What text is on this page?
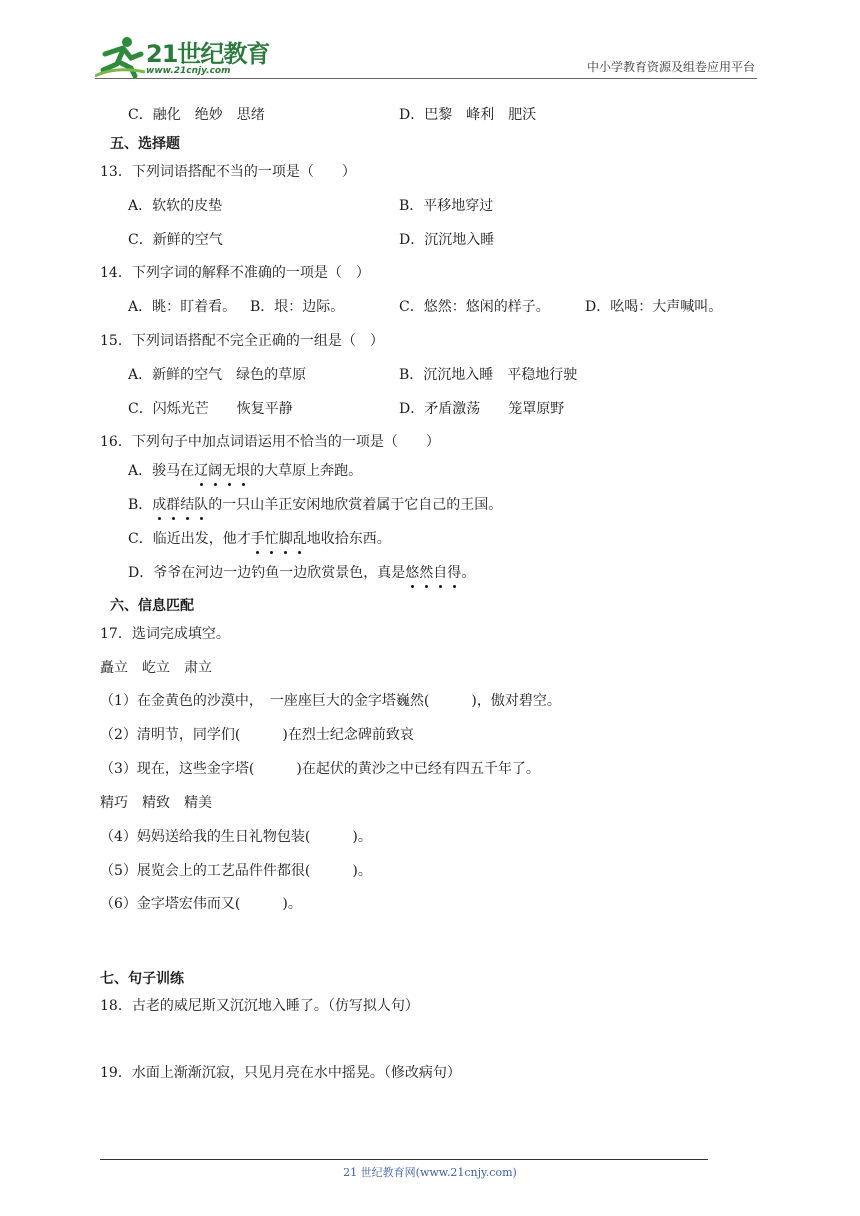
21世纪教育
www.21cnjy.com	中小学教育资源及组卷应用平台
C．融化　绝妙　思绪	D．巴黎　峰利　肥沃
五、选择题
13．下列词语搭配不当的一项是（　　）
A．软软的皮垫	B．平移地穿过
C．新鲜的空气	D．沉沉地入睡
14．下列字词的解释不准确的一项是（　）
A．眺：盯着看。 B．垠：边际。	C．悠然：悠闲的样子。	D．吆喝：大声喊叫。
15．下列词语搭配不完全正确的一组是（　）
A．新鲜的空气　绿色的草原	B．沉沉地入睡　平稳地行驶
C．闪烁光芒　　恢复平静	D．矛盾激荡　　笼罩原野
16．下列句子中加点词语运用不恰当的一项是（　　）
A．骏马在辽阔无垠的大草原上奔跑。
B．成群结队的一只山羊正安闲地欣赏着属于它自己的王国。
C．临近出发，他才手忙脚乱地收拾东西。
D．爷爷在河边一边钓鱼一边欣赏景色，真是悠然自得。
六、信息匹配
17．选词完成填空。
矗立　屹立　肃立
（1）在金黄色的沙漠中，　一座座巨大的金字塔巍然(　　　)，傲对碧空。
（2）清明节，同学们(　　　)在烈士纪念碑前致哀
（3）现在，这些金字塔(　　　)在起伏的黄沙之中已经有四五千年了。
精巧　精致　精美
（4）妈妈送给我的生日礼物包装(　　　)。
（5）展览会上的工艺品件件都很(　　　)。
（6）金字塔宏伟而又(　　　)。
七、句子训练
18．古老的威尼斯又沉沉地入睡了。（仿写拟人句）
19．水面上渐渐沉寂，只见月亮在水中摇晃。（修改病句）
21 世纪教育网(www.21cnjy.com)
